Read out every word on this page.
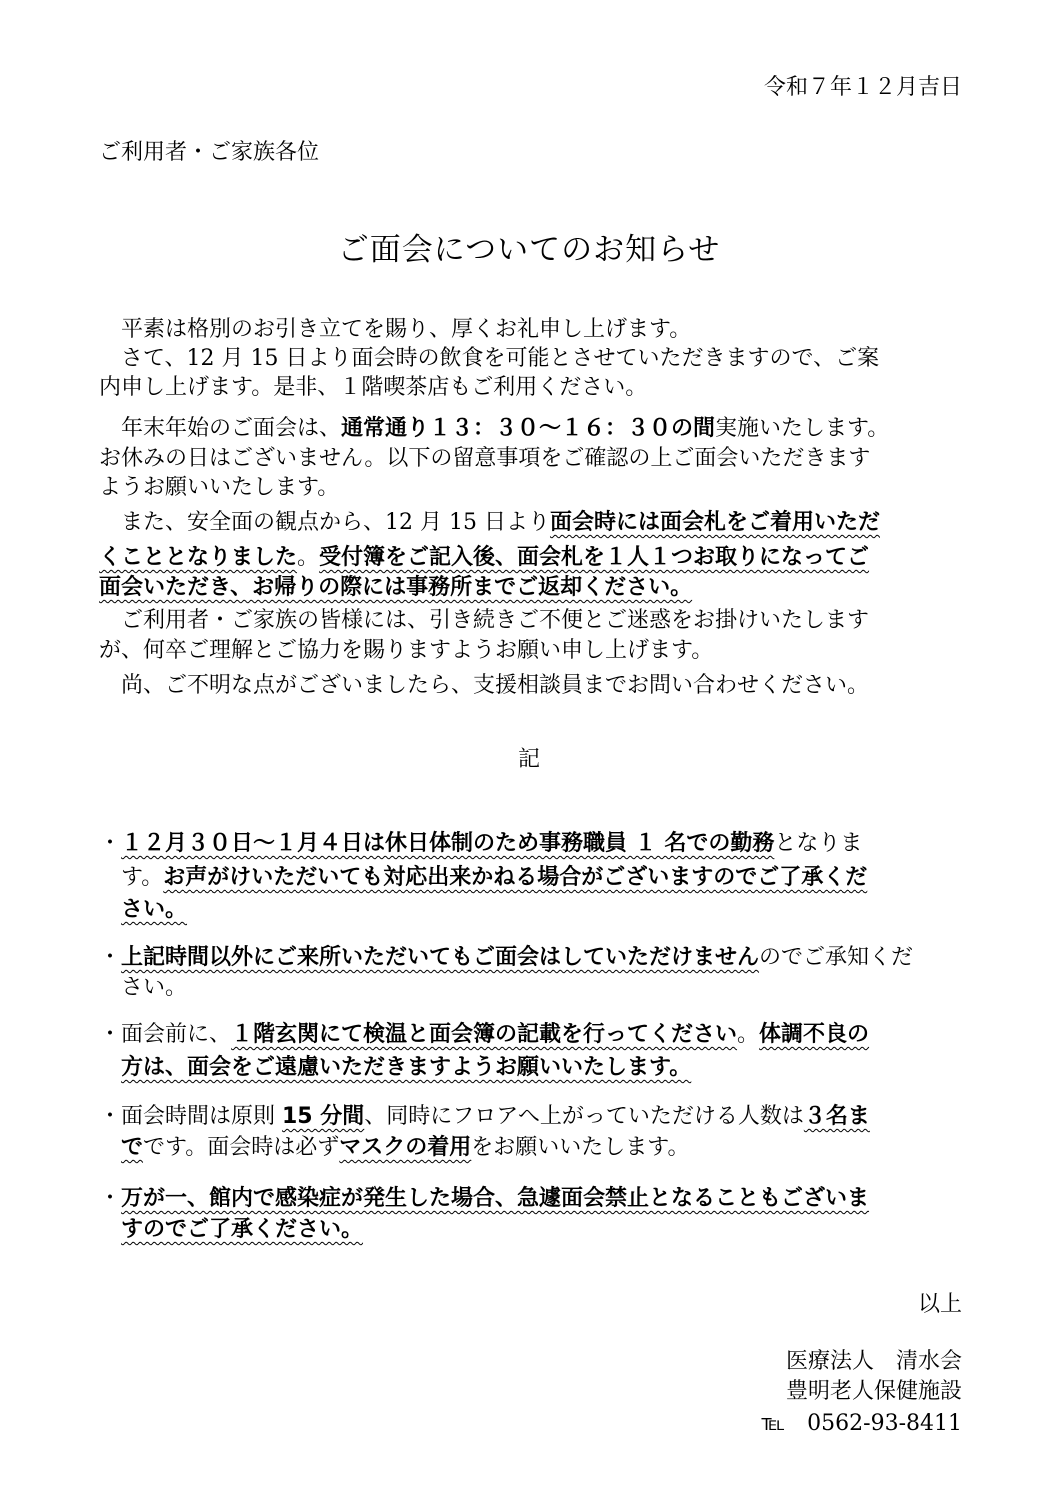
令和７年１２月吉日
ご利用者・ご家族各位
ご面会についてのお知らせ
　平素は格別のお引き立てを賜り、厚くお礼申し上げます。
　さて、12 月 15 日より面会時の飲食を可能とさせていただきますので、ご案
内申し上げます。是非、１階喫茶店もご利用ください。
　年末年始のご面会は、通常通り１３：３０～１６：３０の間実施いたします。
お休みの日はございません。以下の留意事項をご確認の上ご面会いただきます
ようお願いいたします。
　また、安全面の観点から、12 月 15 日より面会時には面会札をご着用いただ
くこととなりました。受付簿をご記入後、面会札を１人１つお取りになってご
面会いただき、お帰りの際には事務所までご返却ください。
　ご利用者・ご家族の皆様には、引き続きご不便とご迷惑をお掛けいたします
が、何卒ご理解とご協力を賜りますようお願い申し上げます。
　尚、ご不明な点がございましたら、支援相談員までお問い合わせください。
記
・１２月３０日～１月４日は休日体制のため事務職員 １ 名での勤務となりま
す。お声がけいただいても対応出来かねる場合がございますのでご了承くだ
さい。
・上記時間以外にご来所いただいてもご面会はしていただけませんのでご承知くだ
さい。
・面会前に、１階玄関にて検温と面会簿の記載を行ってください。体調不良の
方は、面会をご遠慮いただきますようお願いいたします。
・面会時間は原則 15 分間、同時にフロアへ上がっていただける人数は３名ま
でです。面会時は必ずマスクの着用をお願いいたします。
・万が一、館内で感染症が発生した場合、急遽面会禁止となることもございま
すのでご了承ください。
以上
医療法人　清水会
豊明老人保健施設
℡　0562-93-8411
